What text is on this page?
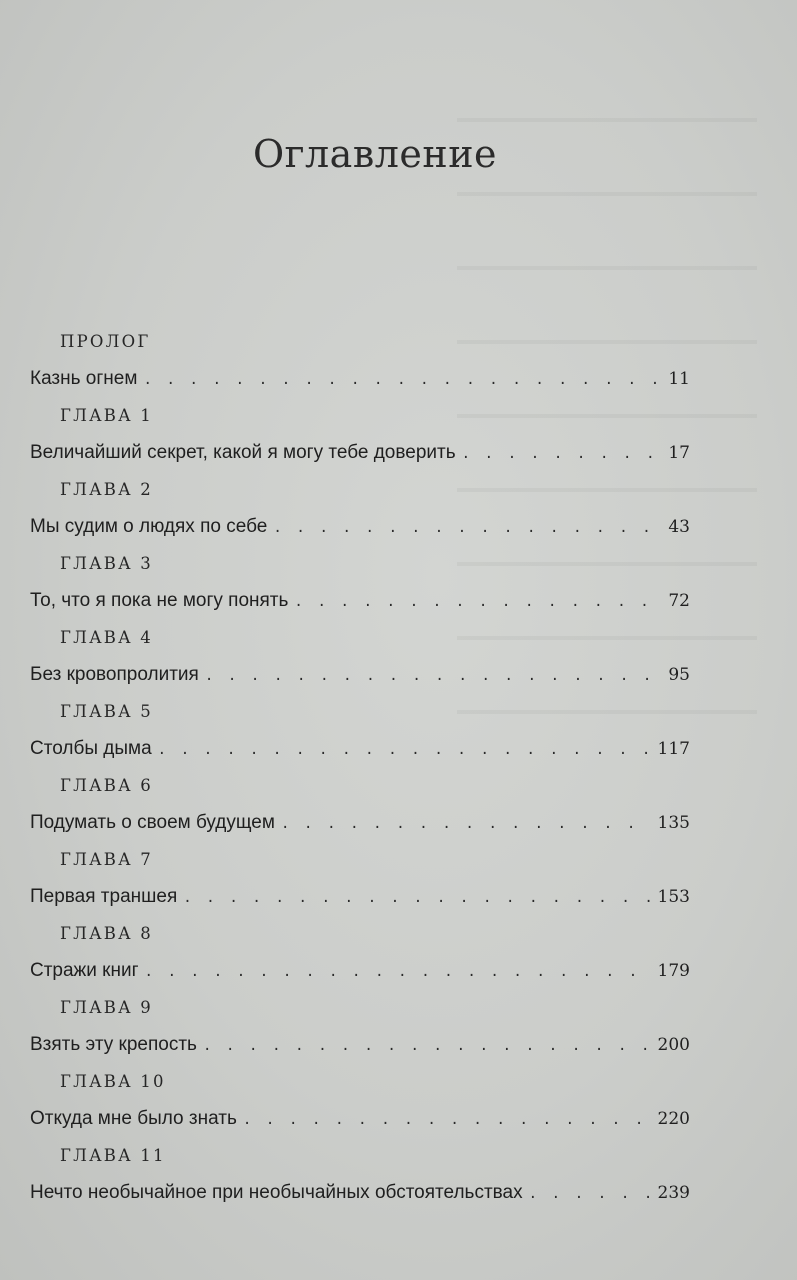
Оглавление
ПРОЛОГ
Казнь огнем . . .	11
ГЛАВА 1
Величайший секрет, какой я могу тебе доверить . . .	17
ГЛАВА 2
Мы судим о людях по себе . . .	43
ГЛАВА 3
То, что я пока не могу понять . . .	72
ГЛАВА 4
Без кровопролития . . .	95
ГЛАВА 5
Столбы дыма . . .	117
ГЛАВА 6
Подумать о своем будущем . . .	135
ГЛАВА 7
Первая траншея . . .	153
ГЛАВА 8
Стражи книг . . .	179
ГЛАВА 9
Взять эту крепость . . .	200
ГЛАВА 10
Откуда мне было знать . . .	220
ГЛАВА 11
Нечто необычайное при необычайных обстоятельствах . . .	239
